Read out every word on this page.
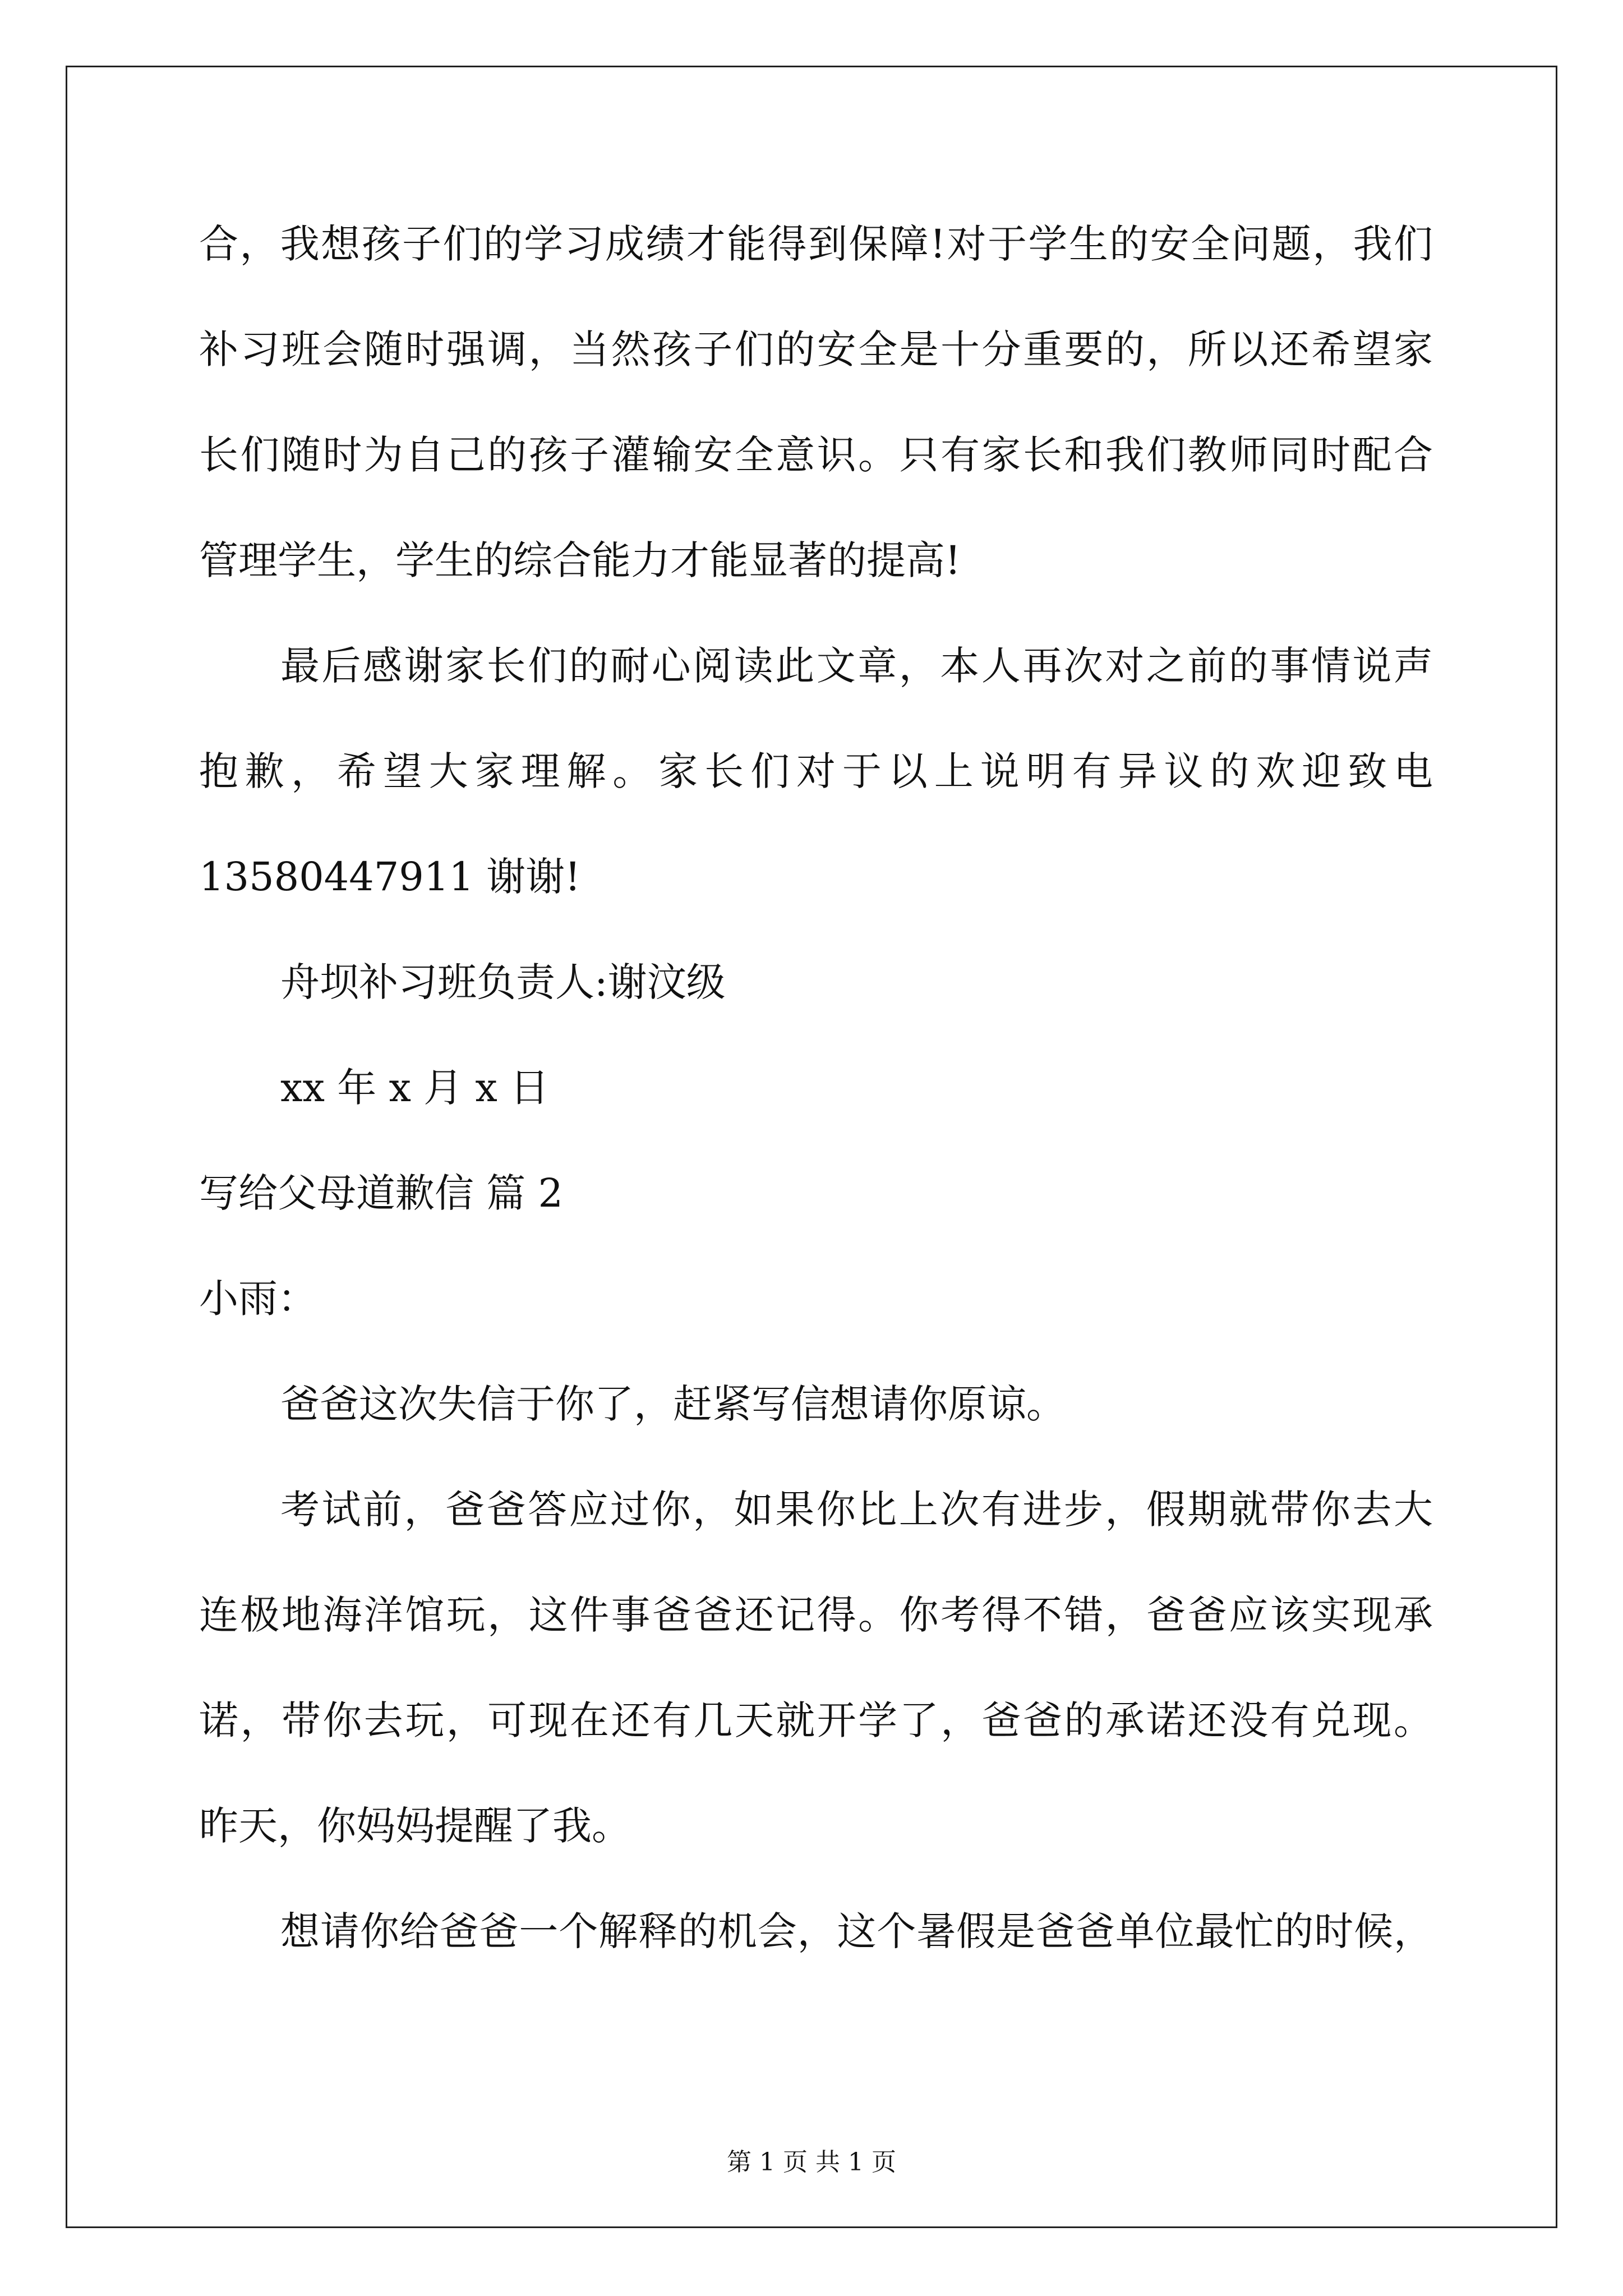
合，我想孩子们的学习成绩才能得到保障!对于学生的安全问题，我们
补习班会随时强调，当然孩子们的安全是十分重要的，所以还希望家
长们随时为自己的孩子灌输安全意识。只有家长和我们教师同时配合
管理学生，学生的综合能力才能显著的提高!
最后感谢家长们的耐心阅读此文章，本人再次对之前的事情说声
抱歉，希望大家理解。家长们对于以上说明有异议的欢迎致电
13580447911 谢谢!
舟坝补习班负责人:谢汶级
xx 年 x 月 x 日
写给父母道歉信 篇 2
小雨：
爸爸这次失信于你了，赶紧写信想请你原谅。
考试前，爸爸答应过你，如果你比上次有进步，假期就带你去大
连极地海洋馆玩，这件事爸爸还记得。你考得不错，爸爸应该实现承
诺，带你去玩，可现在还有几天就开学了，爸爸的承诺还没有兑现。
昨天，你妈妈提醒了我。
想请你给爸爸一个解释的机会，这个暑假是爸爸单位最忙的时候，
第 1 页 共 1 页
